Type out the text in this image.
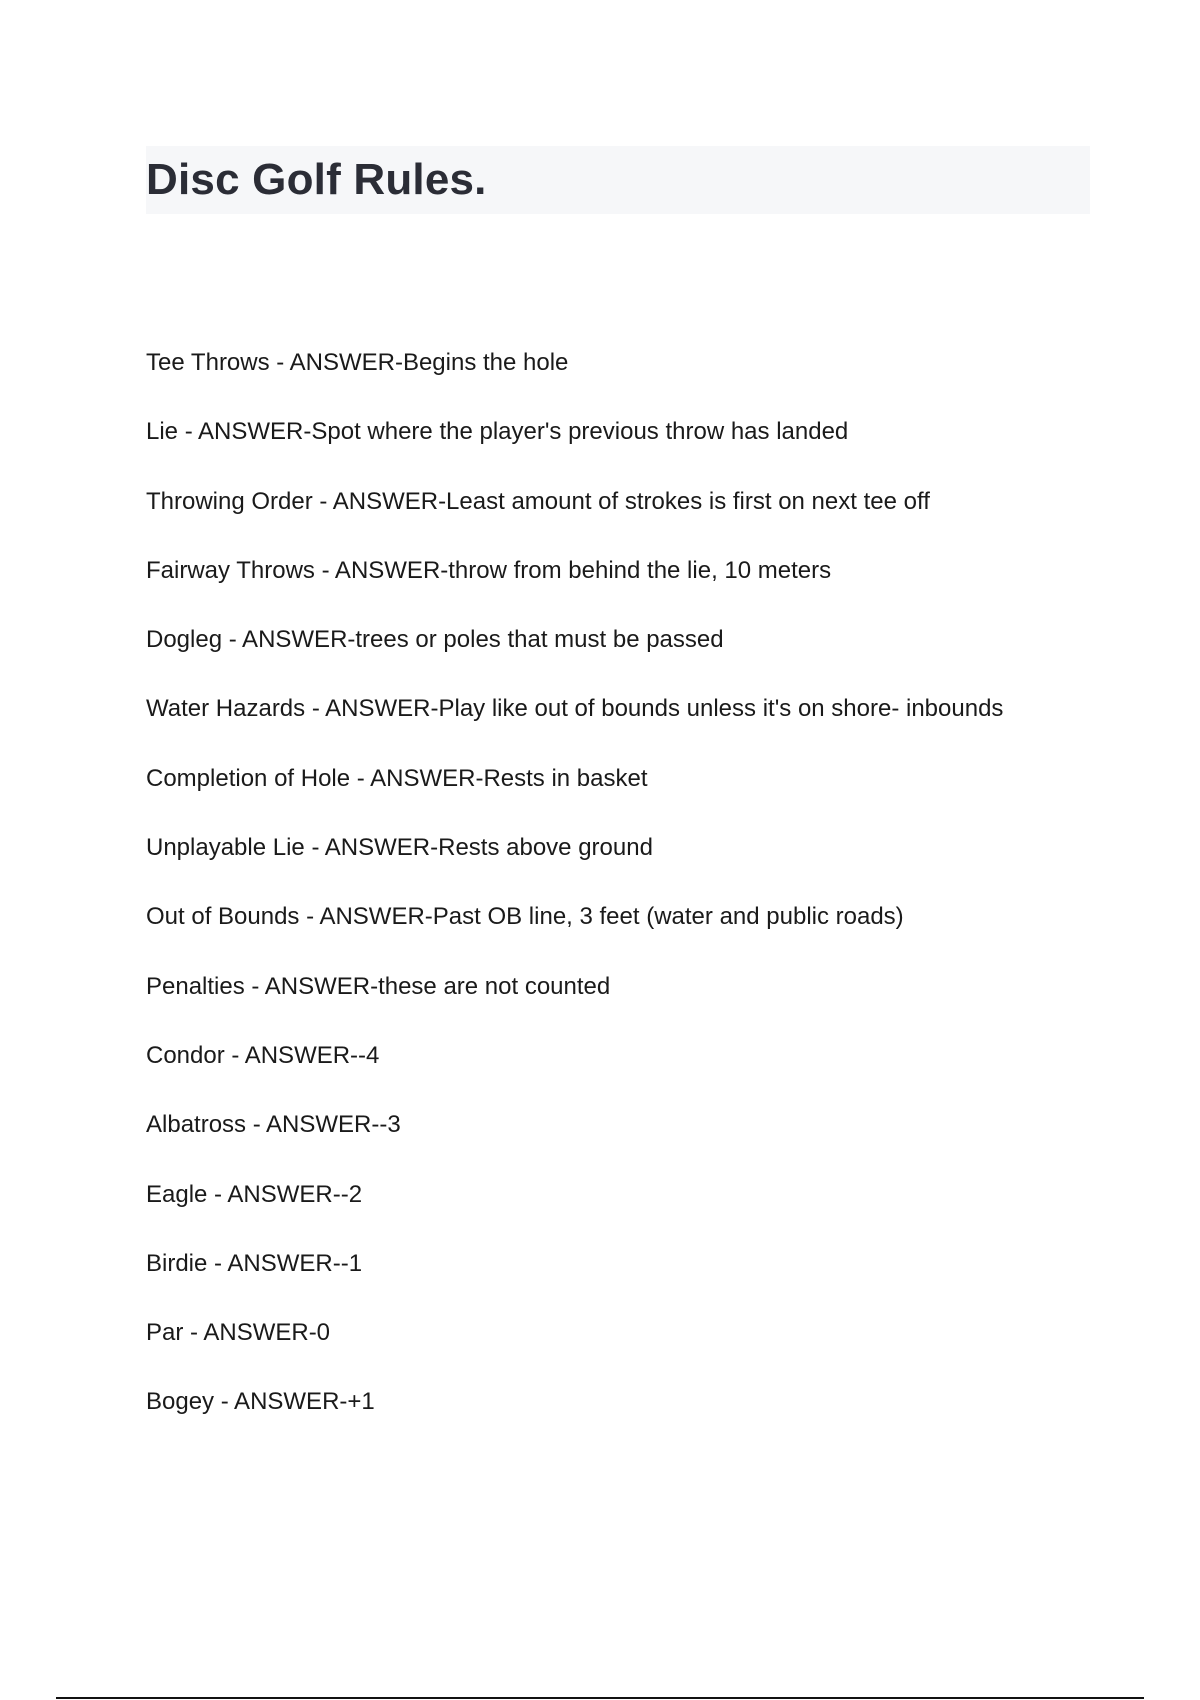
Disc Golf Rules.
Tee Throws - ANSWER-Begins the hole
Lie - ANSWER-Spot where the player's previous throw has landed
Throwing Order - ANSWER-Least amount of strokes is first on next tee off
Fairway Throws - ANSWER-throw from behind the lie, 10 meters
Dogleg - ANSWER-trees or poles that must be passed
Water Hazards - ANSWER-Play like out of bounds unless it's on shore- inbounds
Completion of Hole - ANSWER-Rests in basket
Unplayable Lie - ANSWER-Rests above ground
Out of Bounds - ANSWER-Past OB line, 3 feet (water and public roads)
Penalties - ANSWER-these are not counted
Condor - ANSWER--4
Albatross - ANSWER--3
Eagle - ANSWER--2
Birdie - ANSWER--1
Par - ANSWER-0
Bogey - ANSWER-+1
